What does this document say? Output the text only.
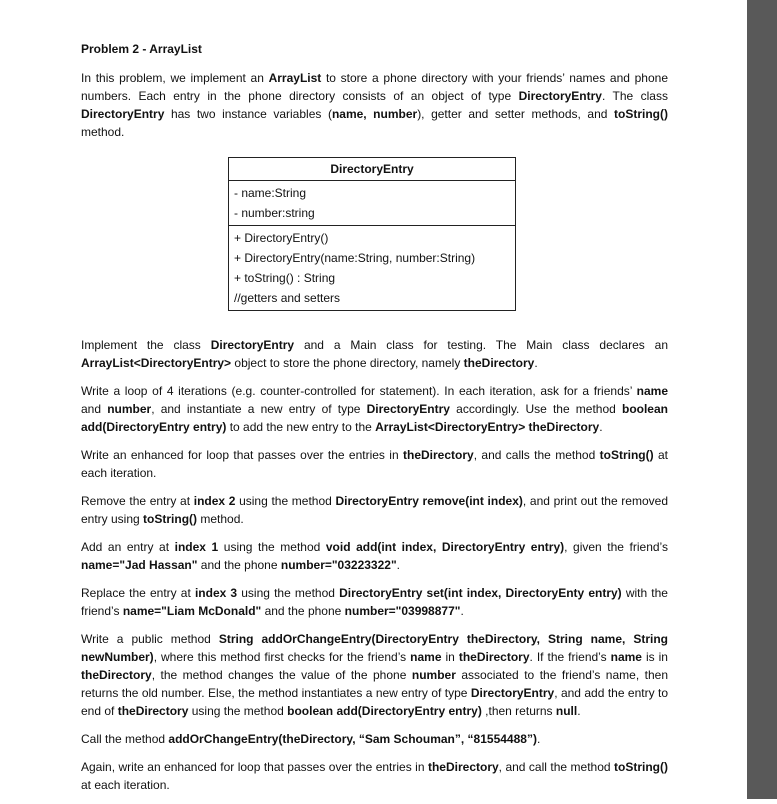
Problem 2 - ArrayList

In this problem, we implement an ArrayList to store a phone directory with your friends’ names and phone numbers. Each entry in the phone directory consists of an object of type DirectoryEntry. The class DirectoryEntry has two instance variables (name, number), getter and setter methods, and toString() method.

DirectoryEntry

- name:String
- number:string

+ DirectoryEntry()
+ DirectoryEntry(name:String, number:String)
+ toString() : String
//getters and setters

Implement the class DirectoryEntry and a Main class for testing. The Main class declares an ArrayList<DirectoryEntry> object to store the phone directory, namely theDirectory.

Write a loop of 4 iterations (e.g. counter-controlled for statement). In each iteration, ask for a friends’ name and number, and instantiate a new entry of type DirectoryEntry accordingly. Use the method boolean add(DirectoryEntry entry) to add the new entry to the ArrayList<DirectoryEntry> theDirectory.

Write an enhanced for loop that passes over the entries in theDirectory, and calls the method toString() at each iteration.

Remove the entry at index 2 using the method DirectoryEntry remove(int index), and print out the removed entry using toString() method.

Add an entry at index 1 using the method void add(int index, DirectoryEntry entry), given the friend’s name="Jad Hassan" and the phone number="03223322".

Replace the entry at index 3 using the method DirectoryEntry set(int index, DirectoryEnty entry) with the friend’s name="Liam McDonald" and the phone number="03998877".

Write a public method String addOrChangeEntry(DirectoryEntry theDirectory, String name, String newNumber), where this method first checks for the friend’s name in theDirectory. If the friend’s name is in theDirectory, the method changes the value of the phone number associated to the friend’s name, then returns the old number. Else, the method instantiates a new entry of type DirectoryEntry, and add the entry to end of theDirectory using the method boolean add(DirectoryEntry entry) ,then returns null.

Call the method addOrChangeEntry(theDirectory, “Sam Schouman”, “81554488”).

Again, write an enhanced for loop that passes over the entries in theDirectory, and call the method toString() at each iteration.
